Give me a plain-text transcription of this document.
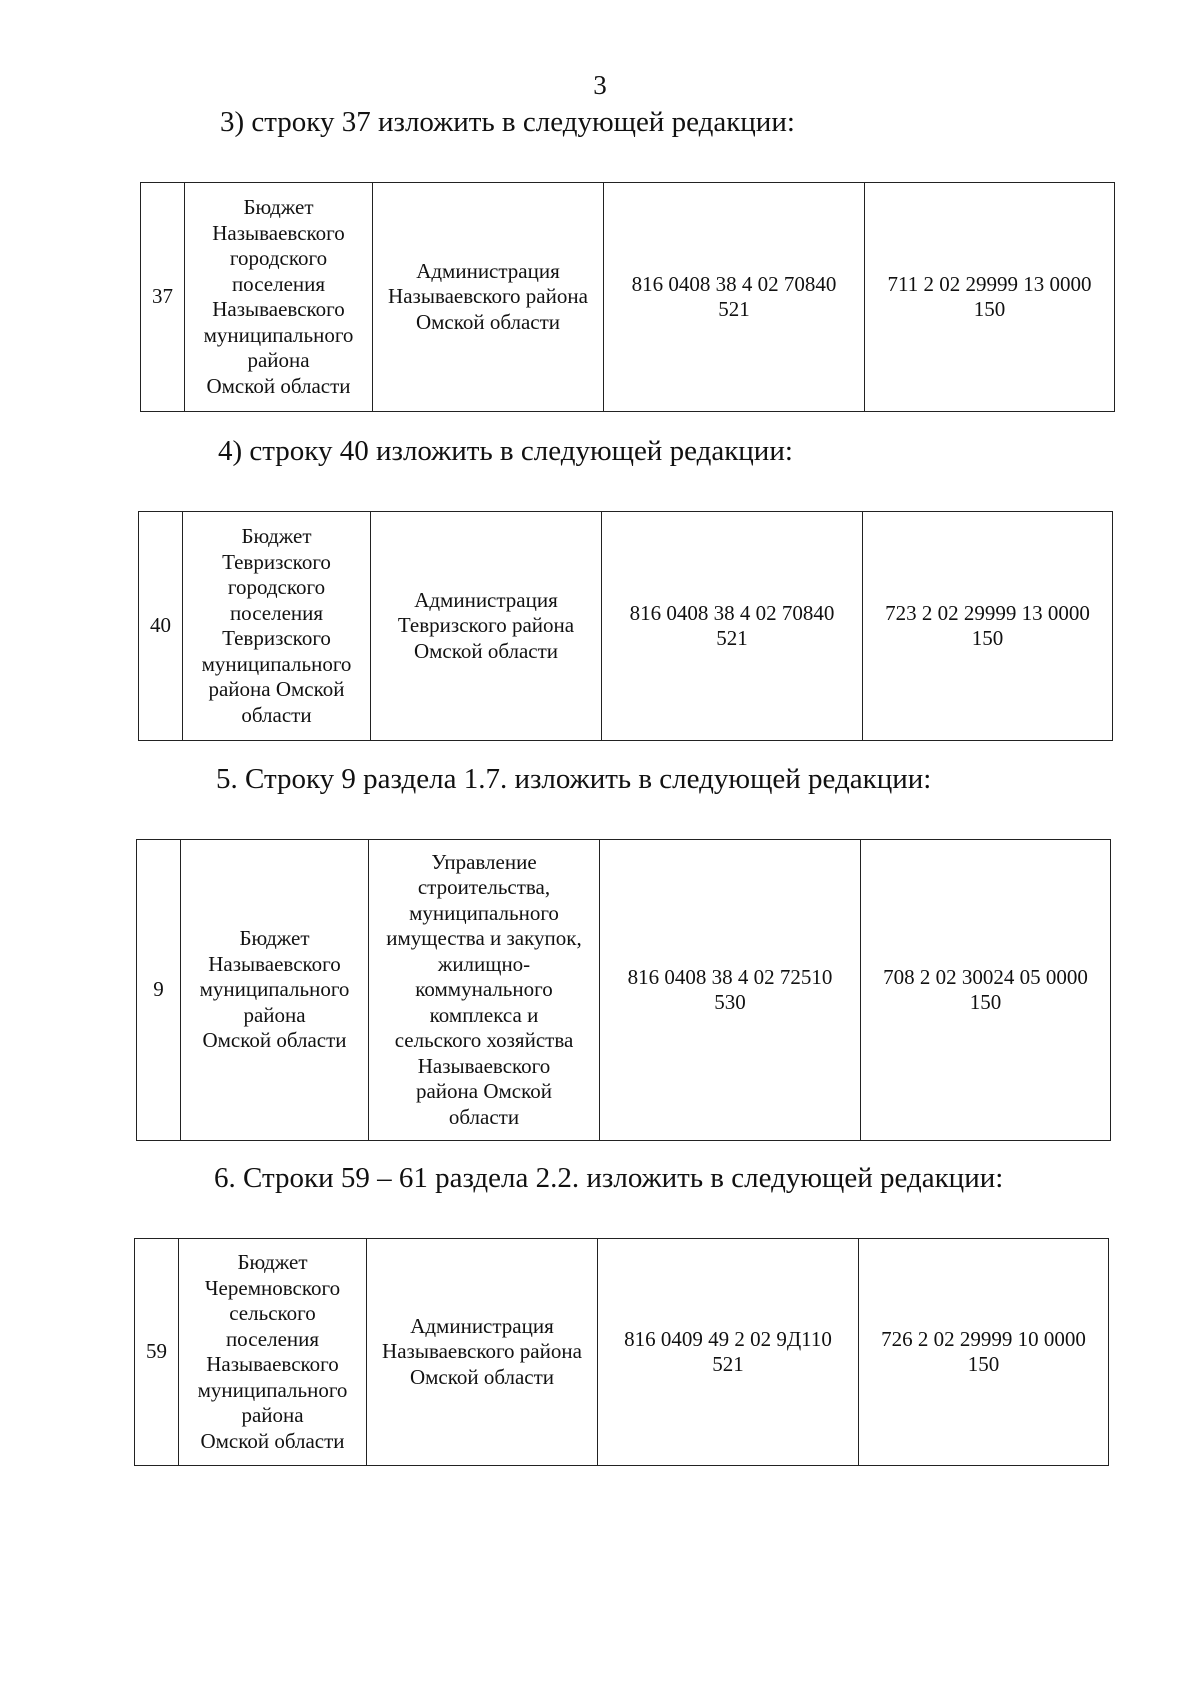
3
3) строку 37 изложить в следующей редакции:
37	Бюджет
Называевского
городского
поселения
Называевского
муниципального
района
Омской области	Администрация
Называевского района
Омской области	816 0408 38 4 02 70840
521	711 2 02 29999 13 0000
150
4) строку 40 изложить в следующей редакции:
40	Бюджет
Тевризского
городского
поселения
Тевризского
муниципального
района Омской
области	Администрация
Тевризского района
Омской области	816 0408 38 4 02 70840
521	723 2 02 29999 13 0000
150
5. Строку 9 раздела 1.7. изложить в следующей редакции:
9	Бюджет
Называевского
муниципального
района
Омской области	Управление
строительства,
муниципального
имущества и закупок,
жилищно-
коммунального
комплекса и
сельского хозяйства
Называевского
района Омской
области	816 0408 38 4 02 72510
530	708 2 02 30024 05 0000
150
6. Строки 59 – 61 раздела 2.2. изложить в следующей редакции:
59	Бюджет
Черемновского
сельского
поселения
Называевского
муниципального
района
Омской области	Администрация
Называевского района
Омской области	816 0409 49 2 02 9Д110
521	726 2 02 29999 10 0000
150
